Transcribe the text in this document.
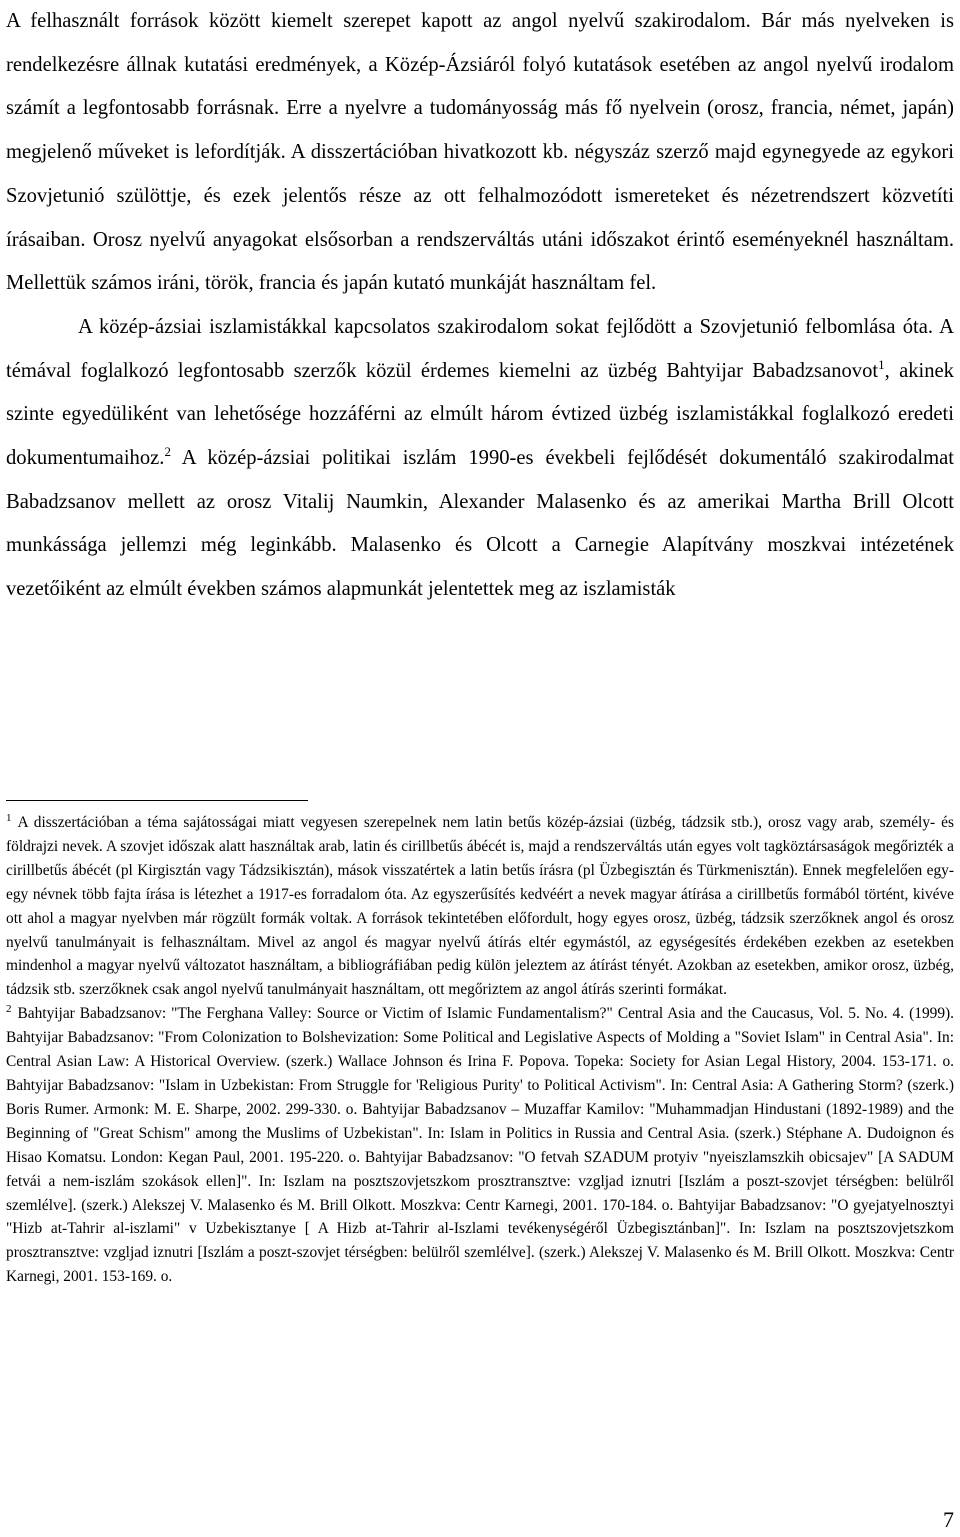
A felhasznált források között kiemelt szerepet kapott az angol nyelvű szakirodalom. Bár más nyelveken is rendelkezésre állnak kutatási eredmények, a Közép-Ázsiáról folyó kutatások esetében az angol nyelvű irodalom számít a legfontosabb forrásnak. Erre a nyelvre a tudományosság más fő nyelvein (orosz, francia, német, japán) megjelenő műveket is lefordítják. A disszertációban hivatkozott kb. négyszáz szerző majd egynegyede az egykori Szovjetunió szülöttje, és ezek jelentős része az ott felhalmozódott ismereteket és nézetrendszert közvetíti írásaiban. Orosz nyelvű anyagokat elsősorban a rendszerváltás utáni időszakot érintő eseményeknél használtam. Mellettük számos iráni, török, francia és japán kutató munkáját használtam fel.

A közép-ázsiai iszlamistákkal kapcsolatos szakirodalom sokat fejlődött a Szovjetunió felbomlása óta. A témával foglalkozó legfontosabb szerzők közül érdemes kiemelni az üzbég Bahtyijar Babadzsanovot$^1$, akinek szinte egyedüliként van lehetősége hozzáférni az elmúlt három évtized üzbég iszlamistákkal foglalkozó eredeti dokumentumaihoz.$^2$ A közép-ázsiai politikai iszlám 1990-es évekbeli fejlődését dokumentáló szakirodalmat Babadzsanov mellett az orosz Vitalij Naumkin, Alexander Malasenko és az amerikai Martha Brill Olcott munkássága jellemzi még leginkább. Malasenko és Olcott a Carnegie Alapítvány moszkvai intézetének vezetőiként az elmúlt években számos alapmunkát jelentettek meg az iszlamisták

$^1$ A disszertációban a téma sajátosságai miatt vegyesen szerepelnek nem latin betűs közép-ázsiai (üzbég, tádzsik stb.), orosz vagy arab, személy- és földrajzi nevek. A szovjet időszak alatt használtak arab, latin és cirillbetűs ábécét is, majd a rendszerváltás után egyes volt tagköztársaságok megőrizték a cirillbetűs ábécét (pl Kirgisztán vagy Tádzsikisztán), mások visszatértek a latin betűs írásra (pl Üzbegisztán és Türkmenisztán). Ennek megfelelően egy-egy névnek több fajta írása is létezhet a 1917-es forradalom óta. Az egyszerűsítés kedvéért a nevek magyar átírása a cirillbetűs formából történt, kivéve ott ahol a magyar nyelvben már rögzült formák voltak. A források tekintetében előfordult, hogy egyes orosz, üzbég, tádzsik szerzőknek angol és orosz nyelvű tanulmányait is felhasználtam. Mivel az angol és magyar nyelvű átírás eltér egymástól, az egységesítés érdekében ezekben az esetekben mindenhol a magyar nyelvű változatot használtam, a bibliográfiában pedig külön jeleztem az átírást tényét. Azokban az esetekben, amikor orosz, üzbég, tádzsik stb. szerzőknek csak angol nyelvű tanulmányait használtam, ott megőriztem az angol átírás szerinti formákat.

$^2$ Bahtyijar Babadzsanov: "The Ferghana Valley: Source or Victim of Islamic Fundamentalism?" Central Asia and the Caucasus, Vol. 5. No. 4. (1999). Bahtyijar Babadzsanov: "From Colonization to Bolshevization: Some Political and Legislative Aspects of Molding a "Soviet Islam" in Central Asia". In: Central Asian Law: A Historical Overview. (szerk.) Wallace Johnson és Irina F. Popova. Topeka: Society for Asian Legal History, 2004. 153-171. o. Bahtyijar Babadzsanov: "Islam in Uzbekistan: From Struggle for 'Religious Purity' to Political Activism". In: Central Asia: A Gathering Storm? (szerk.) Boris Rumer. Armonk: M. E. Sharpe, 2002. 299-330. o. Bahtyijar Babadzsanov – Muzaffar Kamilov: "Muhammadjan Hindustani (1892-1989) and the Beginning of "Great Schism" among the Muslims of Uzbekistan". In: Islam in Politics in Russia and Central Asia. (szerk.) Stéphane A. Dudoignon és Hisao Komatsu. London: Kegan Paul, 2001. 195-220. o. Bahtyijar Babadzsanov: "O fetvah SZADUM protyiv "nyeiszlamszkih obicsajev" [A SADUM fetvái a nem-iszlám szokások ellen]". In: Iszlam na posztszovjetszkom prosztransztve: vzgljad iznutri [Iszlám a poszt-szovjet térségben: belülről szemlélve]. (szerk.) Alekszej V. Malasenko és M. Brill Olkott. Moszkva: Centr Karnegi, 2001. 170-184. o. Bahtyijar Babadzsanov: "O gyejatyelnosztyi "Hizb at-Tahrir al-iszlami" v Uzbekisztanye [ A Hizb at-Tahrir al-Iszlami tevékenységéről Üzbegisztánban]". In: Iszlam na posztszovjetszkom prosztransztve: vzgljad iznutri [Iszlám a poszt-szovjet térségben: belülről szemlélve]. (szerk.) Alekszej V. Malasenko és M. Brill Olkott. Moszkva: Centr Karnegi, 2001. 153-169. o.

7
